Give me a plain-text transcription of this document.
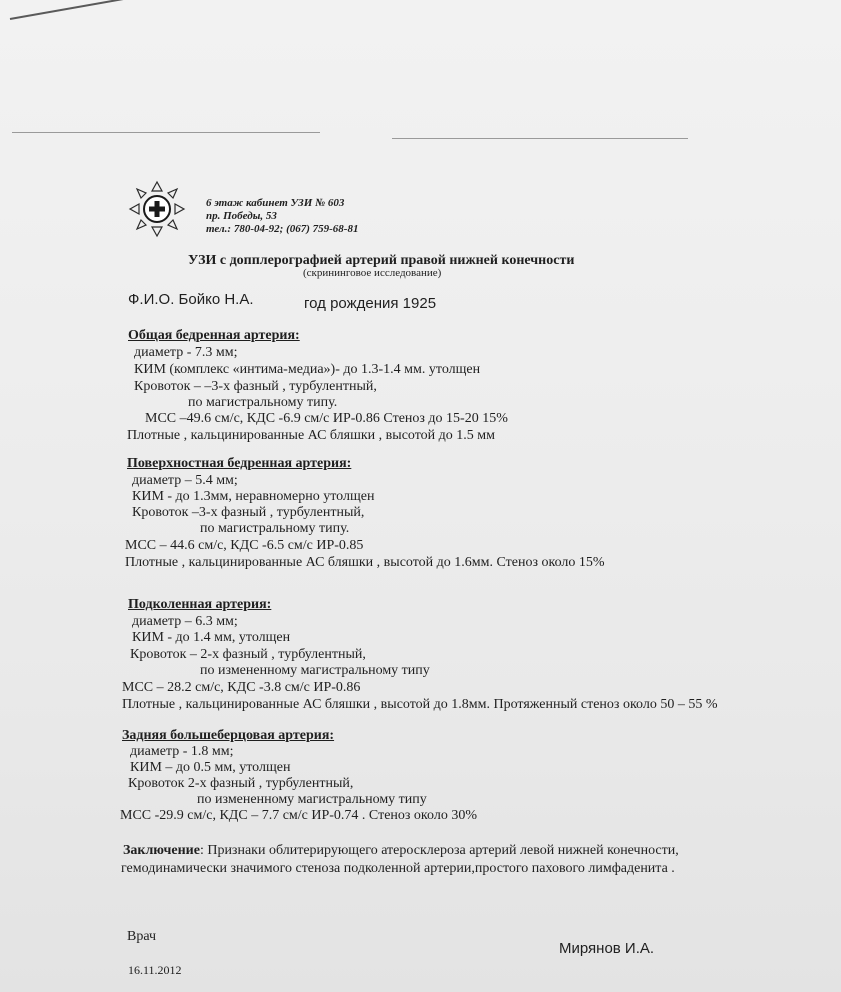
6 этаж кабинет УЗИ № 603
пр. Победы, 53
тел.: 780-04-92; (067) 759-68-81
УЗИ с допплерографией артерий правой нижней конечности
(скрининговое исследование)
Ф.И.О. Бойко Н.А.	год рождения 1925
Общая бедренная артерия:
диаметр - 7.3 мм;
КИМ (комплекс «интима-медиа»)- до 1.3-1.4 мм. утолщен
Кровоток – –3-х фазный , турбулентный,
по магистральному типу.
МСС –49.6 см/с, КДС -6.9 см/с ИР-0.86 Стеноз до 15-20 15%
Плотные , кальцинированные АС бляшки , высотой до 1.5 мм
Поверхностная бедренная артерия:
диаметр – 5.4 мм;
КИМ - до 1.3мм, неравномерно утолщен
Кровоток –3-х фазный , турбулентный,
по магистральному типу.
МСС – 44.6 см/с, КДС -6.5 см/с ИР-0.85
Плотные , кальцинированные АС бляшки , высотой до 1.6мм. Стеноз около 15%
Подколенная артерия:
диаметр – 6.3 мм;
КИМ - до 1.4 мм, утолщен
Кровоток – 2-х фазный , турбулентный,
по измененному магистральному типу
МСС – 28.2 см/с, КДС -3.8 см/с ИР-0.86
Плотные , кальцинированные АС бляшки , высотой до 1.8мм. Протяженный стеноз около 50 – 55 %
Задняя большеберцовая артерия:
диаметр - 1.8 мм;
КИМ – до 0.5 мм, утолщен
Кровоток 2-х фазный , турбулентный,
по измененному магистральному типу
МСС -29.9 см/с, КДС – 7.7 см/с ИР-0.74 . Стеноз около 30%
Заключение: Признаки облитерирующего атеросклероза артерий левой нижней конечности,
гемодинамически значимого стеноза подколенной артерии,простого пахового лимфаденита .
Врач
Мирянов И.А.
16.11.2012
